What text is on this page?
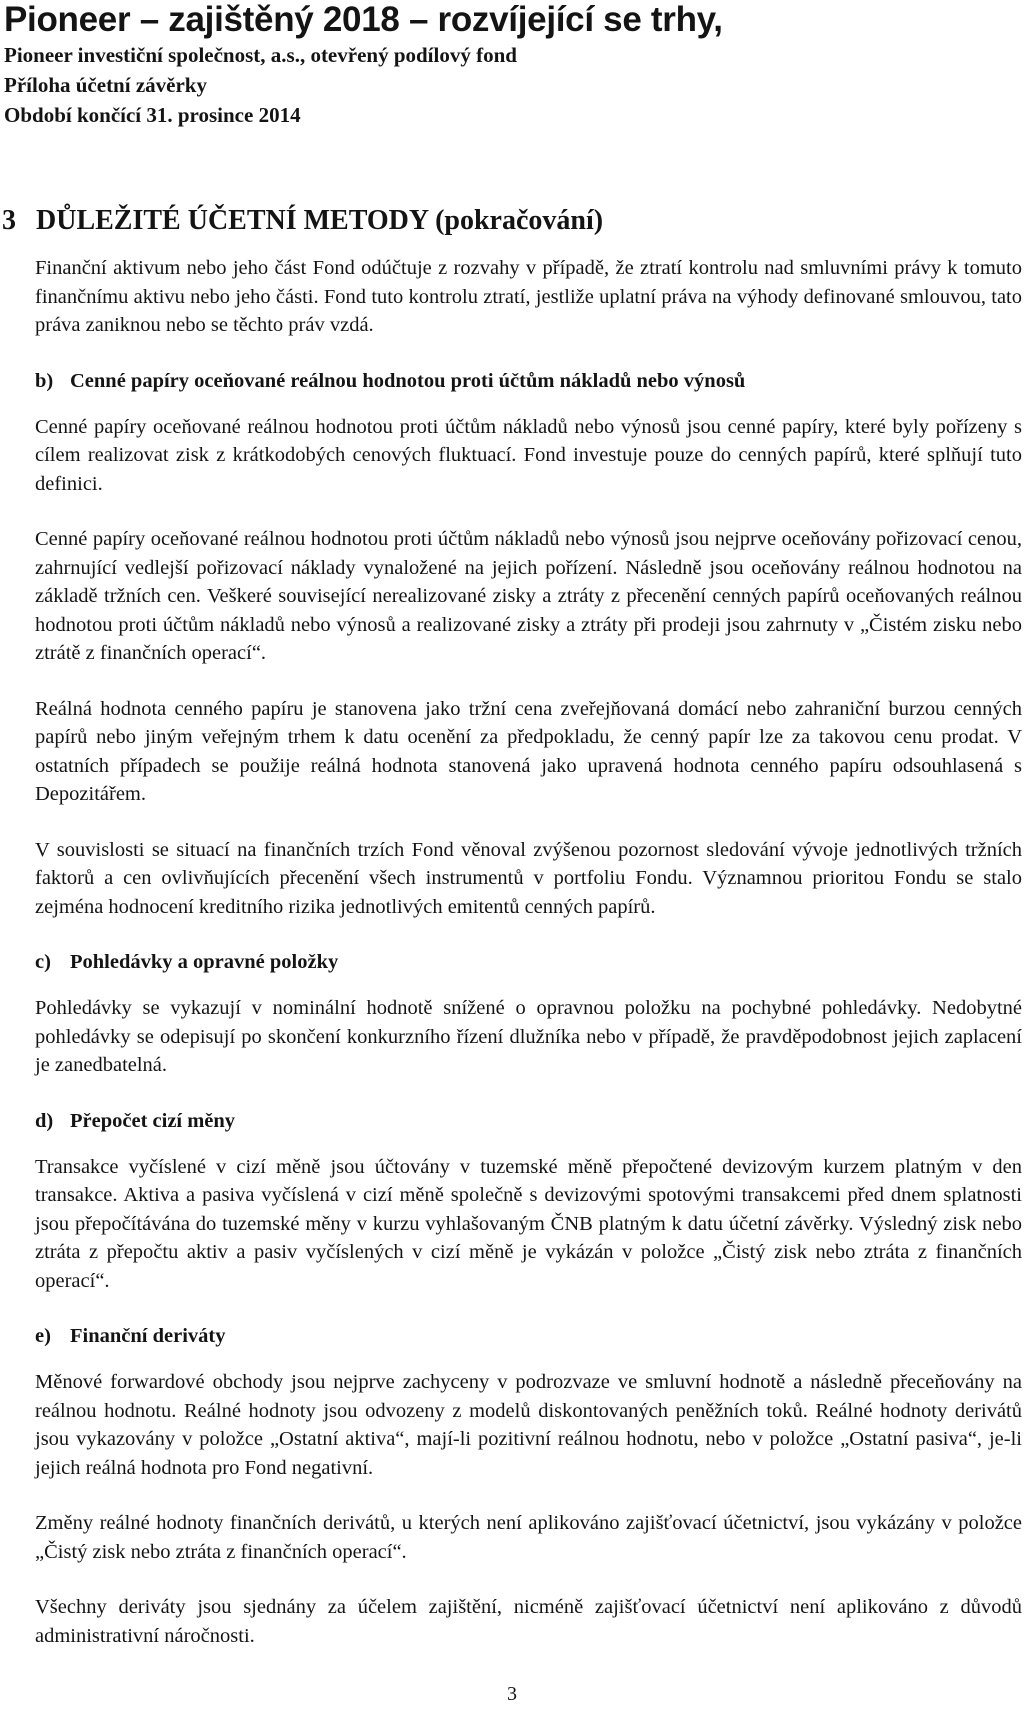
Pioneer – zajištěný 2018 – rozvíjející se trhy,

Pioneer investiční společnost, a.s., otevřený podílový fond

Příloha účetní závěrky

Období končící 31. prosince 2014

3 DŮLEŽITÉ ÚČETNÍ METODY (pokračování)

Finanční aktivum nebo jeho část Fond odúčtuje z rozvahy v případě, že ztratí kontrolu nad smluvními právy k tomuto finančnímu aktivu nebo jeho části. Fond tuto kontrolu ztratí, jestliže uplatní práva na výhody definované smlouvou, tato práva zaniknou nebo se těchto práv vzdá.

b) Cenné papíry oceňované reálnou hodnotou proti účtům nákladů nebo výnosů

Cenné papíry oceňované reálnou hodnotou proti účtům nákladů nebo výnosů jsou cenné papíry, které byly pořízeny s cílem realizovat zisk z krátkodobých cenových fluktuací. Fond investuje pouze do cenných papírů, které splňují tuto definici.

Cenné papíry oceňované reálnou hodnotou proti účtům nákladů nebo výnosů jsou nejprve oceňovány pořizovací cenou, zahrnující vedlejší pořizovací náklady vynaložené na jejich pořízení. Následně jsou oceňovány reálnou hodnotou na základě tržních cen. Veškeré související nerealizované zisky a ztráty z přecenění cenných papírů oceňovaných reálnou hodnotou proti účtům nákladů nebo výnosů a realizované zisky a ztráty při prodeji jsou zahrnuty v „Čistém zisku nebo ztrátě z finančních operací“.

Reálná hodnota cenného papíru je stanovena jako tržní cena zveřejňovaná domácí nebo zahraniční burzou cenných papírů nebo jiným veřejným trhem k datu ocenění za předpokladu, že cenný papír lze za takovou cenu prodat. V ostatních případech se použije reálná hodnota stanovená jako upravená hodnota cenného papíru odsouhlasená s Depozitářem.

V souvislosti se situací na finančních trzích Fond věnoval zvýšenou pozornost sledování vývoje jednotlivých tržních faktorů a cen ovlivňujících přecenění všech instrumentů v portfoliu Fondu. Významnou prioritou Fondu se stalo zejména hodnocení kreditního rizika jednotlivých emitentů cenných papírů.

c) Pohledávky a opravné položky

Pohledávky se vykazují v nominální hodnotě snížené o opravnou položku na pochybné pohledávky. Nedobytné pohledávky se odepisují po skončení konkurzního řízení dlužníka nebo v případě, že pravděpodobnost jejich zaplacení je zanedbatelná.

d) Přepočet cizí měny

Transakce vyčíslené v cizí měně jsou účtovány v tuzemské měně přepočtené devizovým kurzem platným v den transakce. Aktiva a pasiva vyčíslená v cizí měně společně s devizovými spotovými transakcemi před dnem splatnosti jsou přepočítávána do tuzemské měny v kurzu vyhlašovaným ČNB platným k datu účetní závěrky. Výsledný zisk nebo ztráta z přepočtu aktiv a pasiv vyčíslených v cizí měně je vykázán v položce „Čistý zisk nebo ztráta z finančních operací“.

e) Finanční deriváty

Měnové forwardové obchody jsou nejprve zachyceny v podrozvaze ve smluvní hodnotě a následně přeceňovány na reálnou hodnotu. Reálné hodnoty jsou odvozeny z modelů diskontovaných peněžních toků. Reálné hodnoty derivátů jsou vykazovány v položce „Ostatní aktiva“, mají-li pozitivní reálnou hodnotu, nebo v položce „Ostatní pasiva“, je-li jejich reálná hodnota pro Fond negativní.

Změny reálné hodnoty finančních derivátů, u kterých není aplikováno zajišťovací účetnictví, jsou vykázány v položce „Čistý zisk nebo ztráta z finančních operací“.

Všechny deriváty jsou sjednány za účelem zajištění, nicméně zajišťovací účetnictví není aplikováno z důvodů administrativní náročnosti.

3
